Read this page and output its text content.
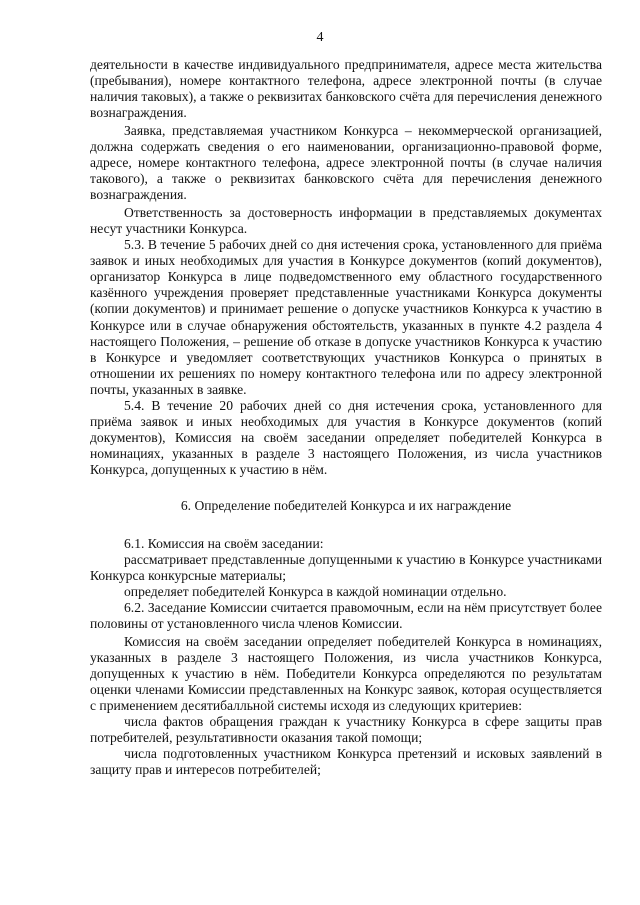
4

деятельности в качестве индивидуального предпринимателя, адресе места жительства (пребывания), номере контактного телефона, адресе электронной почты (в случае наличия таковых), а также о реквизитах банковского счёта для перечисления денежного вознаграждения.

Заявка, представляемая участником Конкурса – некоммерческой организацией, должна содержать сведения о его наименовании, организационно-правовой форме, адресе, номере контактного телефона, адресе электронной почты (в случае наличия такового), а также о реквизитах банковского счёта для перечисления денежного вознаграждения.

Ответственность за достоверность информации в представляемых документах несут участники Конкурса.

5.3. В течение 5 рабочих дней со дня истечения срока, установленного для приёма заявок и иных необходимых для участия в Конкурсе документов (копий документов), организатор Конкурса в лице подведомственного ему областного государственного казённого учреждения проверяет представленные участниками Конкурса документы (копии документов) и принимает решение о допуске участников Конкурса к участию в Конкурсе или в случае обнаружения обстоятельств, указанных в пункте 4.2 раздела 4 настоящего Положения, – решение об отказе в допуске участников Конкурса к участию в Конкурсе и уведомляет соответствующих участников Конкурса о принятых в отношении их решениях по номеру контактного телефона или по адресу электронной почты, указанных в заявке.

5.4. В течение 20 рабочих дней со дня истечения срока, установленного для приёма заявок и иных необходимых для участия в Конкурсе документов (копий документов), Комиссия на своём заседании определяет победителей Конкурса в номинациях, указанных в разделе 3 настоящего Положения, из числа участников Конкурса, допущенных к участию в нём.

6. Определение победителей Конкурса и их награждение

6.1. Комиссия на своём заседании:

рассматривает представленные допущенными к участию в Конкурсе участниками Конкурса конкурсные материалы;

определяет победителей Конкурса в каждой номинации отдельно.

6.2. Заседание Комиссии считается правомочным, если на нём присутствует более половины от установленного числа членов Комиссии.

Комиссия на своём заседании определяет победителей Конкурса в номинациях, указанных в разделе 3 настоящего Положения, из числа участников Конкурса, допущенных к участию в нём. Победители Конкурса определяются по результатам оценки членами Комиссии представленных на Конкурс заявок, которая осуществляется с применением десятибалльной системы исходя из следующих критериев:

числа фактов обращения граждан к участнику Конкурса в сфере защиты прав потребителей, результативности оказания такой помощи;

числа подготовленных участником Конкурса претензий и исковых заявлений в защиту прав и интересов потребителей;
